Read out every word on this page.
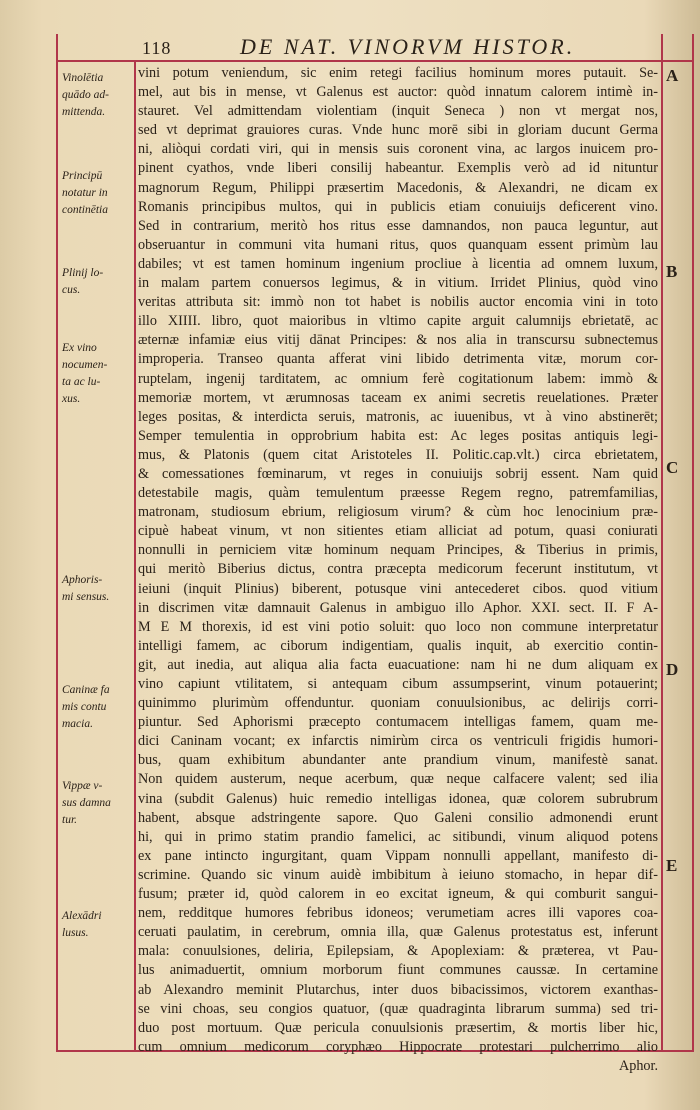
118	DE NAT. VINORVM HISTOR.
Vinolētia
quādo ad-
mittenda.
Principū
notatur in
continētia
Plinij lo-
cus.
Ex vino
nocumen-
ta ac lu-
xus.
Aphoris-
mi sensus.
Caninæ fa
mis contu
macia.
Vippæ v-
sus damna
tur.
Alexādri
lusus.
vini potum veniendum, sic enim retegi facilius hominum mores putauit. Se-
mel, aut bis in mense, vt Galenus est auctor: quòd innatum calorem intimè in-
stauret. Vel admittendam violentiam (inquit Seneca ) non vt mergat nos,
sed vt deprimat grauiores curas. Vnde hunc morē sibi in gloriam ducunt Germa
ni, aliòqui cordati viri, qui in mensis suis coronent vina, ac largos inuicem pro-
pinent cyathos, vnde liberi consilij habeantur. Exemplis verò ad id nituntur
magnorum Regum, Philippi præsertim Macedonis, & Alexandri, ne dicam ex
Romanis principibus multos, qui in publicis etiam conuiuijs deficerent vino.
Sed in contrarium, meritò hos ritus esse damnandos, non pauca leguntur, aut
obseruantur in communi vita humani ritus, quos quanquam essent primùm lau
dabiles; vt est tamen hominum ingenium procliue à licentia ad omnem luxum,
in malam partem conuersos legimus, & in vitium. Irridet Plinius, quòd vino
veritas attributa sit: immò non tot habet is nobilis auctor encomia vini in toto
illo XIIII. libro, quot maioribus in vltimo capite arguit calumnijs ebrietatē, ac
æternæ infamiæ eius vitij dānat Principes: & nos alia in transcursu subnectemus
improperia. Transeo quanta afferat vini libido detrimenta vitæ, morum cor-
ruptelam, ingenij tarditatem, ac omnium ferè cogitationum labem: immò &
memoriæ mortem, vt ærumnosas taceam ex animi secretis reuelationes. Præter
leges positas, & interdicta seruis, matronis, ac iuuenibus, vt à vino abstinerēt;
Semper temulentia in opprobrium habita est: Ac leges positas antiquis legi-
mus, & Platonis (quem citat Aristoteles II. Politic.cap.vlt.) circa ebrietatem,
& comessationes fœminarum, vt reges in conuiuijs sobrij essent. Nam quid
detestabile magis, quàm temulentum præesse Regem regno, patremfamilias,
matronam, studiosum ebrium, religiosum virum? & cùm hoc lenocinium præ-
cipuè habeat vinum, vt non sitientes etiam alliciat ad potum, quasi coniurati
nonnulli in perniciem vitæ hominum nequam Principes, & Tiberius in primis,
qui meritò Biberius dictus, contra præcepta medicorum fecerunt institutum, vt
ieiuni (inquit Plinius) biberent, potusque vini antecederet cibos. quod vitium
in discrimen vitæ damnauit Galenus in ambiguo illo Aphor. XXI. sect. II. F A-
M E M thorexis, id est vini potio soluit: quo loco non commune interpretatur
intelligi famem, ac ciborum indigentiam, qualis inquit, ab exercitio contin-
git, aut inedia, aut aliqua alia facta euacuatione: nam hi ne dum aliquam ex
vino capiunt vtilitatem, si antequam cibum assumpserint, vinum potauerint;
quinimmo plurimùm offenduntur. quoniam conuulsionibus, ac delirijs corri-
piuntur. Sed Aphorismi præcepto contumacem intelligas famem, quam me-
dici Caninam vocant; ex infarctis nimirùm circa os ventriculi frigidis humori-
bus, quam exhibitum abundanter ante prandium vinum, manifestè sanat.
Non quidem austerum, neque acerbum, quæ neque calfacere valent; sed ilia
vina (subdit Galenus) huic remedio intelligas idonea, quæ colorem subrubrum
habent, absque adstringente sapore. Quo Galeni consilio admonendi erunt
hi, qui in primo statim prandio famelici, ac sitibundi, vinum aliquod potens
ex pane intincto ingurgitant, quam Vippam nonnulli appellant, manifesto di-
scrimine. Quando sic vinum auidè imbibitum à ieiuno stomacho, in hepar dif-
fusum; præter id, quòd calorem in eo excitat igneum, & qui comburit sangui-
nem, redditque humores febribus idoneos; verumetiam acres illi vapores coa-
ceruati paulatim, in cerebrum, omnia illa, quæ Galenus protestatus est, inferunt
mala: conuulsiones, deliria, Epilepsiam, & Apoplexiam: & præterea, vt Pau-
lus animaduertit, omnium morborum fiunt communes caussæ. In certamine
ab Alexandro meminit Plutarchus, inter duos bibacissimos, victorem exanthas-
se vini choas, seu congios quatuor, (quæ quadraginta librarum summa) sed tri-
duo post mortuum. Quæ pericula conuulsionis præsertim, & mortis liber hic,
cum omnium medicorum coryphæo Hippocrate protestari pulcherrimo alio
Aphor.
A
B
C
D
E
